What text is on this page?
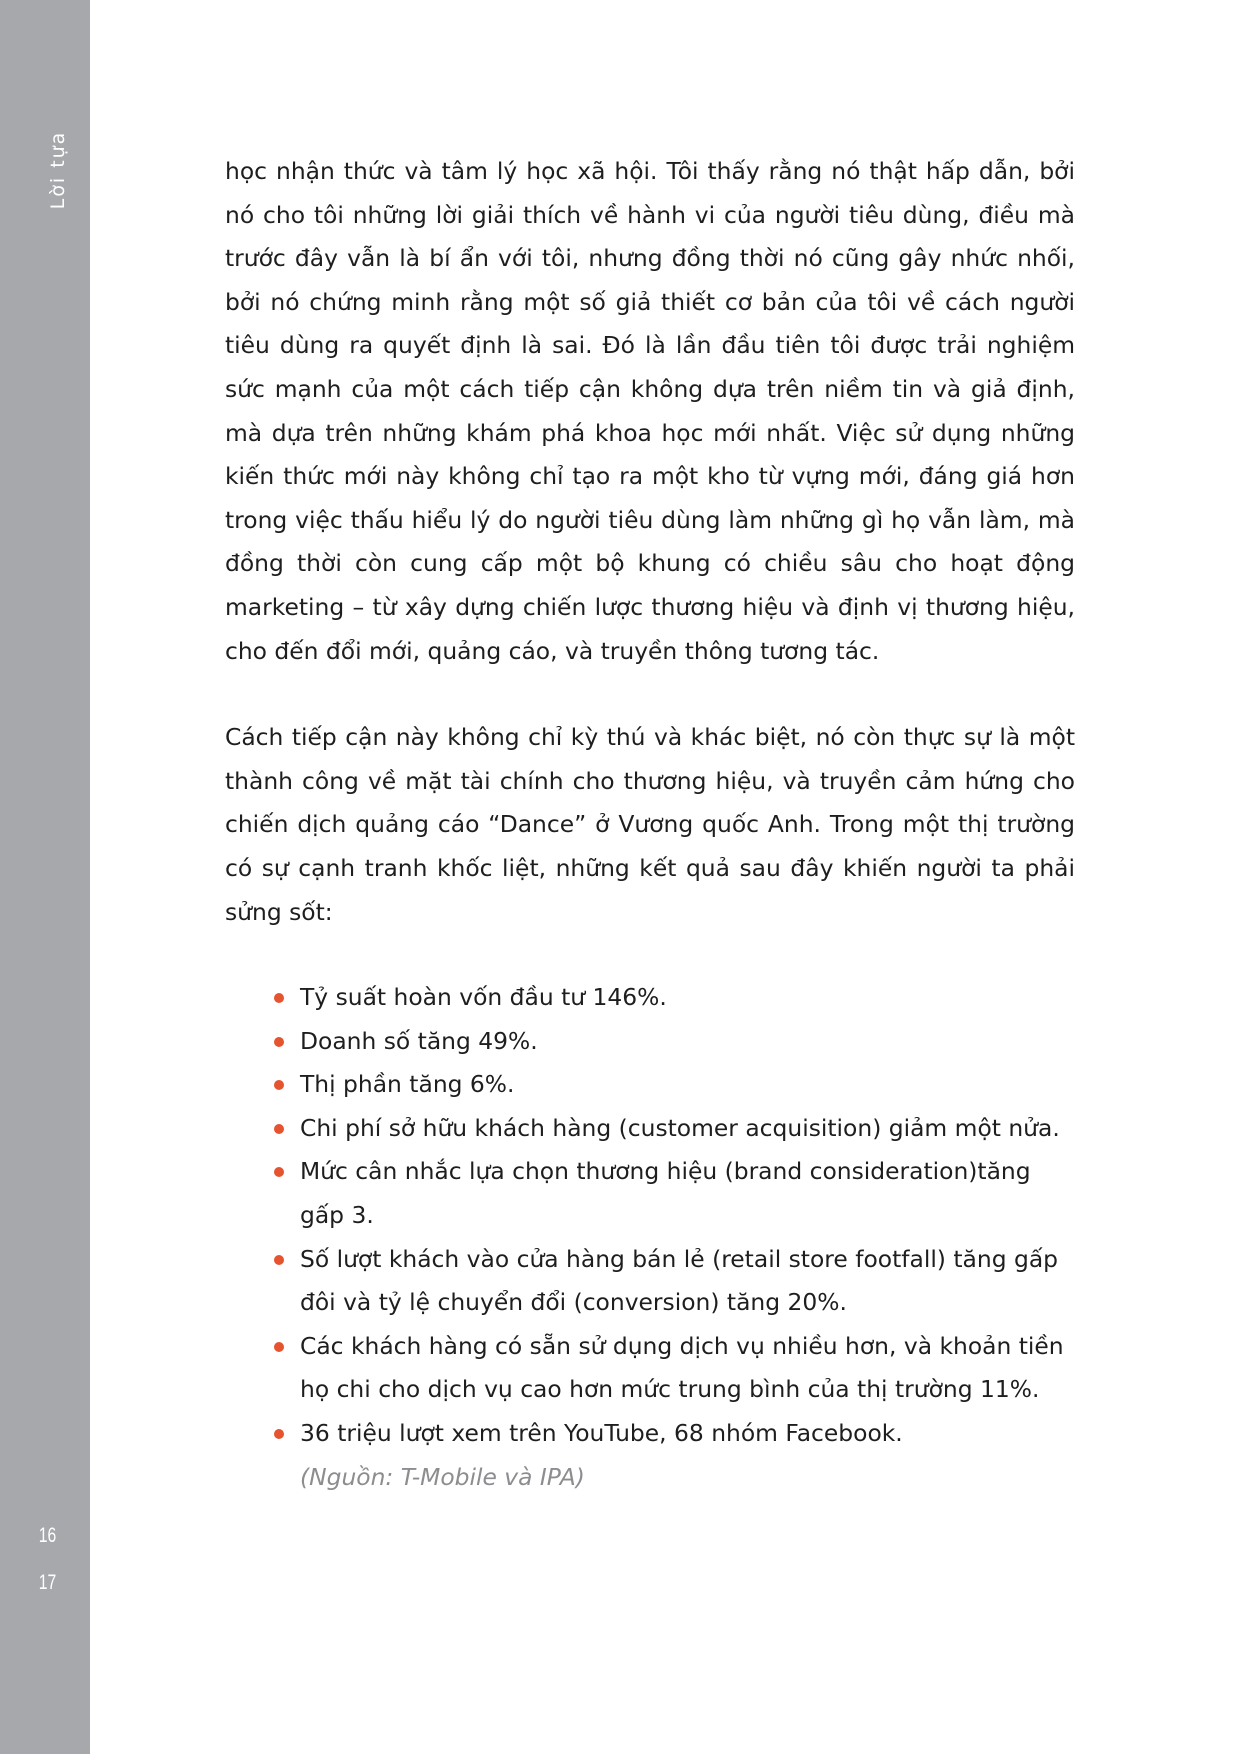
Lời tựa
16
17

học nhận thức và tâm lý học xã hội. Tôi thấy rằng nó thật hấp dẫn, bởi nó cho tôi những lời giải thích về hành vi của người tiêu dùng, điều mà trước đây vẫn là bí ẩn với tôi, nhưng đồng thời nó cũng gây nhức nhối, bởi nó chứng minh rằng một số giả thiết cơ bản của tôi về cách người tiêu dùng ra quyết định là sai. Đó là lần đầu tiên tôi được trải nghiệm sức mạnh của một cách tiếp cận không dựa trên niềm tin và giả định, mà dựa trên những khám phá khoa học mới nhất. Việc sử dụng những kiến thức mới này không chỉ tạo ra một kho từ vựng mới, đáng giá hơn trong việc thấu hiểu lý do người tiêu dùng làm những gì họ vẫn làm, mà đồng thời còn cung cấp một bộ khung có chiều sâu cho hoạt động marketing – từ xây dựng chiến lược thương hiệu và định vị thương hiệu, cho đến đổi mới, quảng cáo, và truyền thông tương tác.

Cách tiếp cận này không chỉ kỳ thú và khác biệt, nó còn thực sự là một thành công về mặt tài chính cho thương hiệu, và truyền cảm hứng cho chiến dịch quảng cáo “Dance” ở Vương quốc Anh. Trong một thị trường có sự cạnh tranh khốc liệt, những kết quả sau đây khiến người ta phải sửng sốt:

Tỷ suất hoàn vốn đầu tư 146%.
Doanh số tăng 49%.
Thị phần tăng 6%.
Chi phí sở hữu khách hàng (customer acquisition) giảm một nửa.
Mức cân nhắc lựa chọn thương hiệu (brand consideration)tăng gấp 3.
Số lượt khách vào cửa hàng bán lẻ (retail store footfall) tăng gấp đôi và tỷ lệ chuyển đổi (conversion) tăng 20%.
Các khách hàng có sẵn sử dụng dịch vụ nhiều hơn, và khoản tiền họ chi cho dịch vụ cao hơn mức trung bình của thị trường 11%.
36 triệu lượt xem trên YouTube, 68 nhóm Facebook.

(Nguồn: T-Mobile và IPA)
